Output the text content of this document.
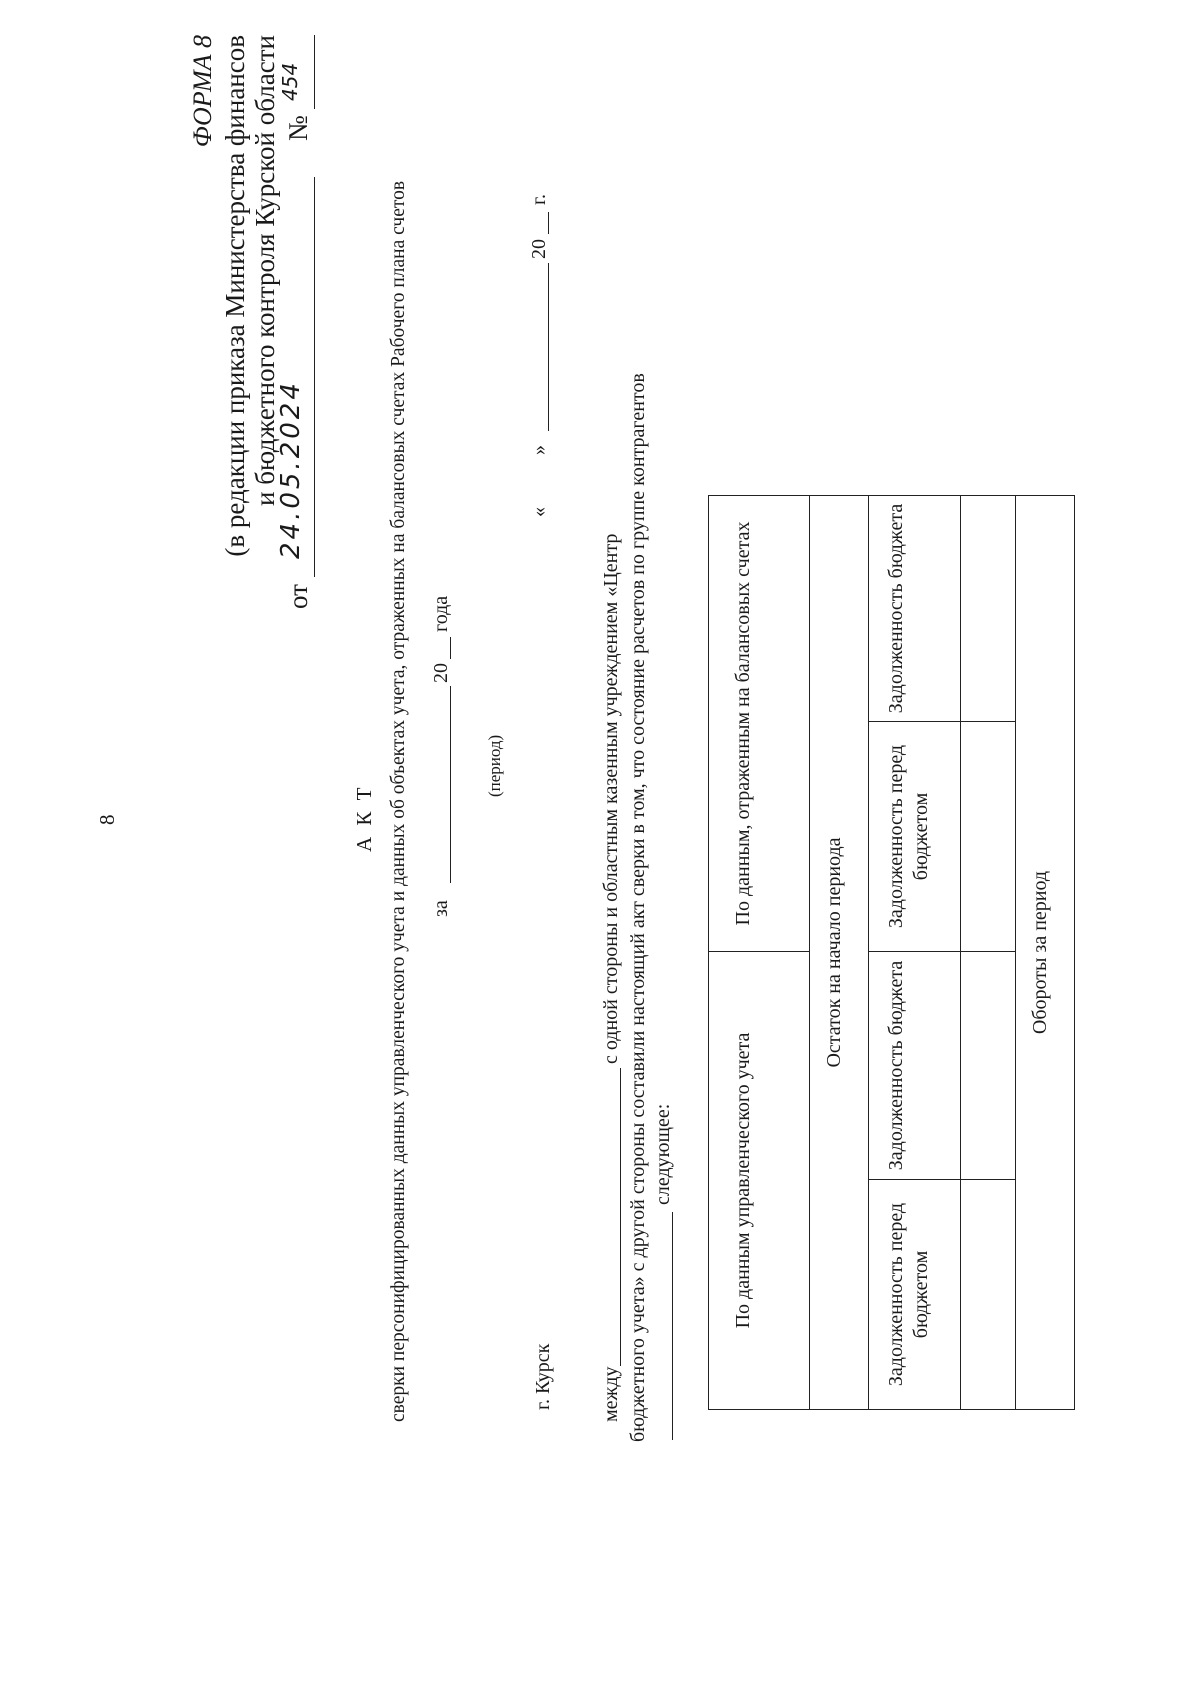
8
ФОРМА 8 (в редакции приказа Министерства финансов и бюджетного контроля Курской области
от
24.05.2024
№
454
А К Т сверки персонифицированных данных управленческого учета и данных об объектах учета, отраженных на балансовых счетах Рабочего плана счетов за
20
года
(период)
г. Курск
«
»
20
г.
между
с одной стороны и областным казенным учреждением «Центр бюджетного учета» с другой стороны составили настоящий акт сверки в том, что состояние расчетов по группе контрагентов следующее:	По данным управленческого учета		По данным, отраженным на балансовых счетах	
Остаток на начало периода			
Задолженность перед бюджетом	Задолженность бюджета	Задолженность перед бюджетом	Задолженность бюджета

Обороты за период			
